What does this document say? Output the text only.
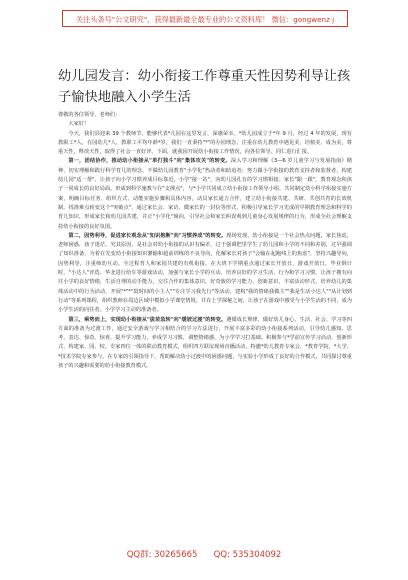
关注头条号"公文研究"，获得最新最全最专业的公文资料库！ 微信：gongwenz j
幼儿园发言：幼小衔接工作尊重天性因势利导让孩子愉快地融入小学生活

尊敬的各位领导、老师们：

大家好！

今天，我们县迎来 39 个教师节，能够代表*儿园在这里发言，深感荣幸。*幼儿园成立于*年 9 月，经过 4 年的发展，现有教职工*人，在园幼儿*人。教职工平均年龄*岁，我们一直秉持"*"的办园理念，注重在幼儿教育中遇见美、培植美、成为美，尊重天性，释放天性，取得了社会一直好评。下面，就我园开展幼小衔接工作情况，向各位领导、同仁进行汇报。

第一，团结协作，推动幼小衔接从"单打独斗"向"集体攻关"的转变。深入学习和理解《3—6 岁儿童学习与发展指南》精神，切实理解和践行科学育儿的理念，不做幼儿园教育"小学化"热动者和助追者；努力做小学衔接的教育支持者和监督者，构建幼儿园"适一帮"，让孩子向小学习惯养成目标靠近，小学"接一站"，向幼儿园孔有的学习惯相接。家长"跟一跟"，教育观念和孩子一同成长的良好局面。形成到科学施教与在"支撑点"，与*小学共同成立幼小衔接工作领导小组，共同制定幼小科学衔接实施方案，明确目标任务、组织方式、动能实施步骤和具体内容，动员家长通力合作，建立幼小衔接共建、共研、共创共育的长效机制。找准难点转变这个"突破点"，通过家长会、家访、微家长的一封信等形式，积极引导家长学习先成的早期教育理念和科学的育儿知识，形成家长和幼儿园共建，并正"小学化"倾向，引导社会和家长纠误观到儿童身心发展规律的行为，形成全社会理解支持幼小衔接的良好氛围。

第二，因势利导，促进家长观念从"知识抱断"向"习惯养成"的转变。现场发现，幼小衔接是一个社会热点问题，家长焦虑，老师困惑，孩子迷茫。究其原因，是社会对幼小衔接的认识有偏差，过于强调把里学生了幼儿园和小学的不同和差别，过早强调了知识准备，为着在先变幼小衔接知识灌输和超前训练的不良导向，化解家长对孩子"会输在起跑线上的焦虑"，坚持兴趣导向，因势利导，注重师幼互动。全过程育人和家园共建的有机衔接。在大班下学期重点通过家长开放日，游戏开放日，毕业倒计时，"小达人"评选、华北进行给车等游戏活动，加强与家长小学的互动，培养良好的学习生活，行为和学习习惯，让孩子拥有向往小学的良好情绪，生活自理的动手能力，交往合作的集体意识，好奇致的学习能力，创新意识，丰富活动形式，培养幼儿的集体活动中的行为活动，开展"*"*"鼓时间的小主人""专注学习我先行"等活动，建构"我的情绪我做主""我是生活小达人""从计划到行动"等系列课程，组织教师在周边区域中模拟小学课堂情境，并在上学探秘之间，让孩子在游戏中感受与小学生活的不同，成为小学生活的向往者，小学学习主动的准备者。

第三，乘势而上，实现幼小衔接从"拔苗急转"向"缓坡过渡"的转变。遵循成长规律，做好幼儿身心、生活、社会、学习等四方面的准备为过渡工作，通过安全游戏与学习相结合的学习方法进行，开展丰富多彩的幼小衔接系列活动，引导幼儿感知、思考、表达、惊奇、惊喜，提升学习能力，养成学习习惯，调整情绪感，为小学学习打基础。积极参与*学前宣传学习活动，创新形式，构建家、园、校、专家四位一体的联动教育模式，组织四方联谊现场直播活动，特邀*幼儿教育专家会，*教育学院，*大学，*技术学院专家参与，在专家的引领指导下，帮助解决幼小过渡中的困惑问题，与实验小学形成了良好的合作模式，共同探讨尊重孩子的兴趣和需要的幼小衔接教育模式。

QQ群: 30265665      QQ: 535304092
